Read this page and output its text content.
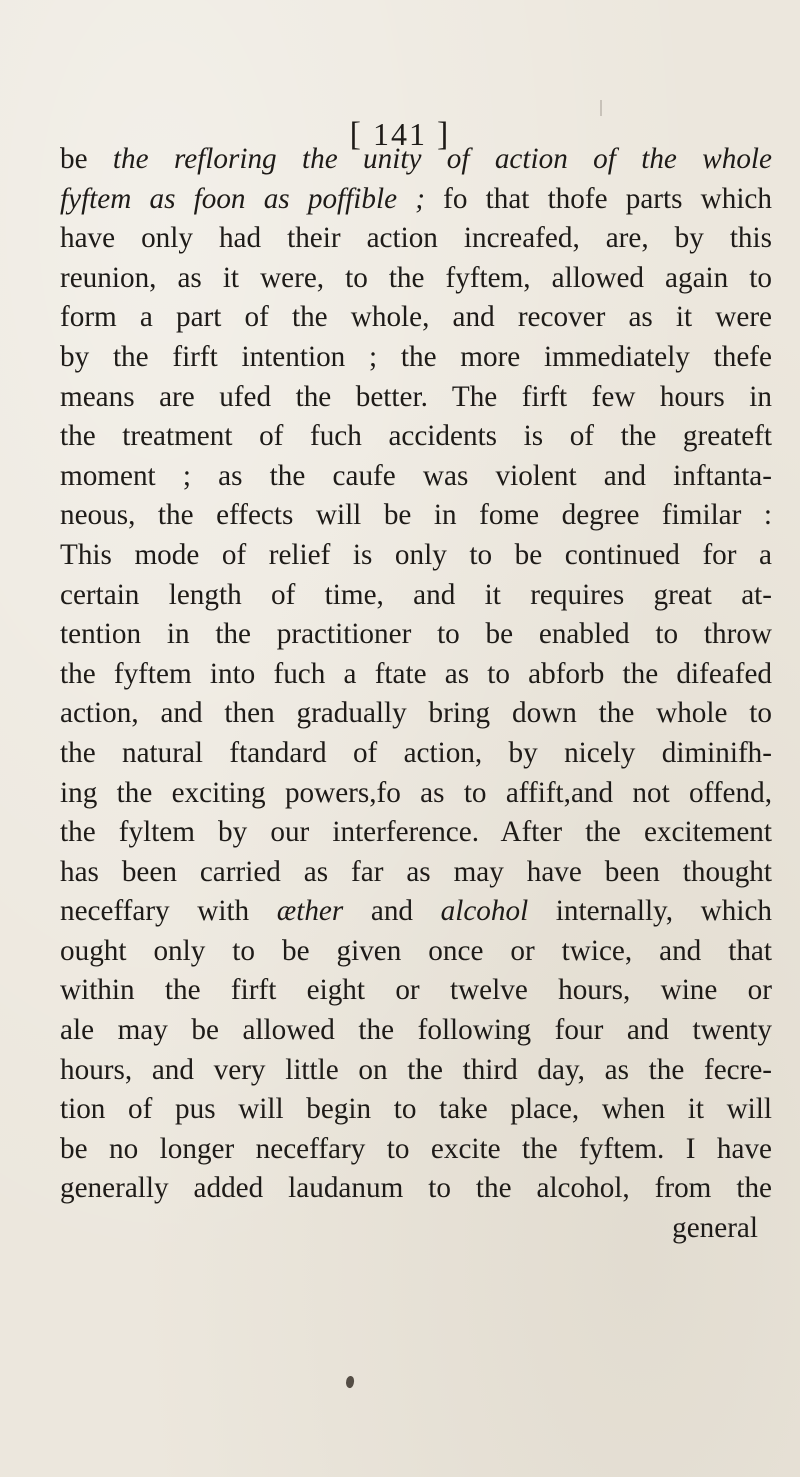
[ 141 ]
be the refloring the unity of action of the whole
fyftem as foon as poffible ; fo that thofe parts which
have only had their action increafed, are, by this
reunion, as it were, to the fyftem, allowed again to
form a part of the whole, and recover as it were
by the firft intention ; the more immediately thefe
means are ufed the better. The firft few hours in
the treatment of fuch accidents is of the greateft
moment ; as the caufe was violent and inftanta-
neous, the effects will be in fome degree fimilar :
This mode of relief is only to be continued for a
certain length of time, and it requires great at-
tention in the practitioner to be enabled to throw
the fyftem into fuch a ftate as to abforb the difeafed
action, and then gradually bring down the whole to
the natural ftandard of action, by nicely diminifh-
ing the exciting powers,fo as to affift,and not offend,
the fyltem by our interference. After the excitement
has been carried as far as may have been thought
neceffary with æther and alcohol internally, which
ought only to be given once or twice, and that
within the firft eight or twelve hours, wine or
ale may be allowed the following four and twenty
hours, and very little on the third day, as the fecre-
tion of pus will begin to take place, when it will
be no longer neceffary to excite the fyftem. I have
generally added laudanum to the alcohol, from the
general
